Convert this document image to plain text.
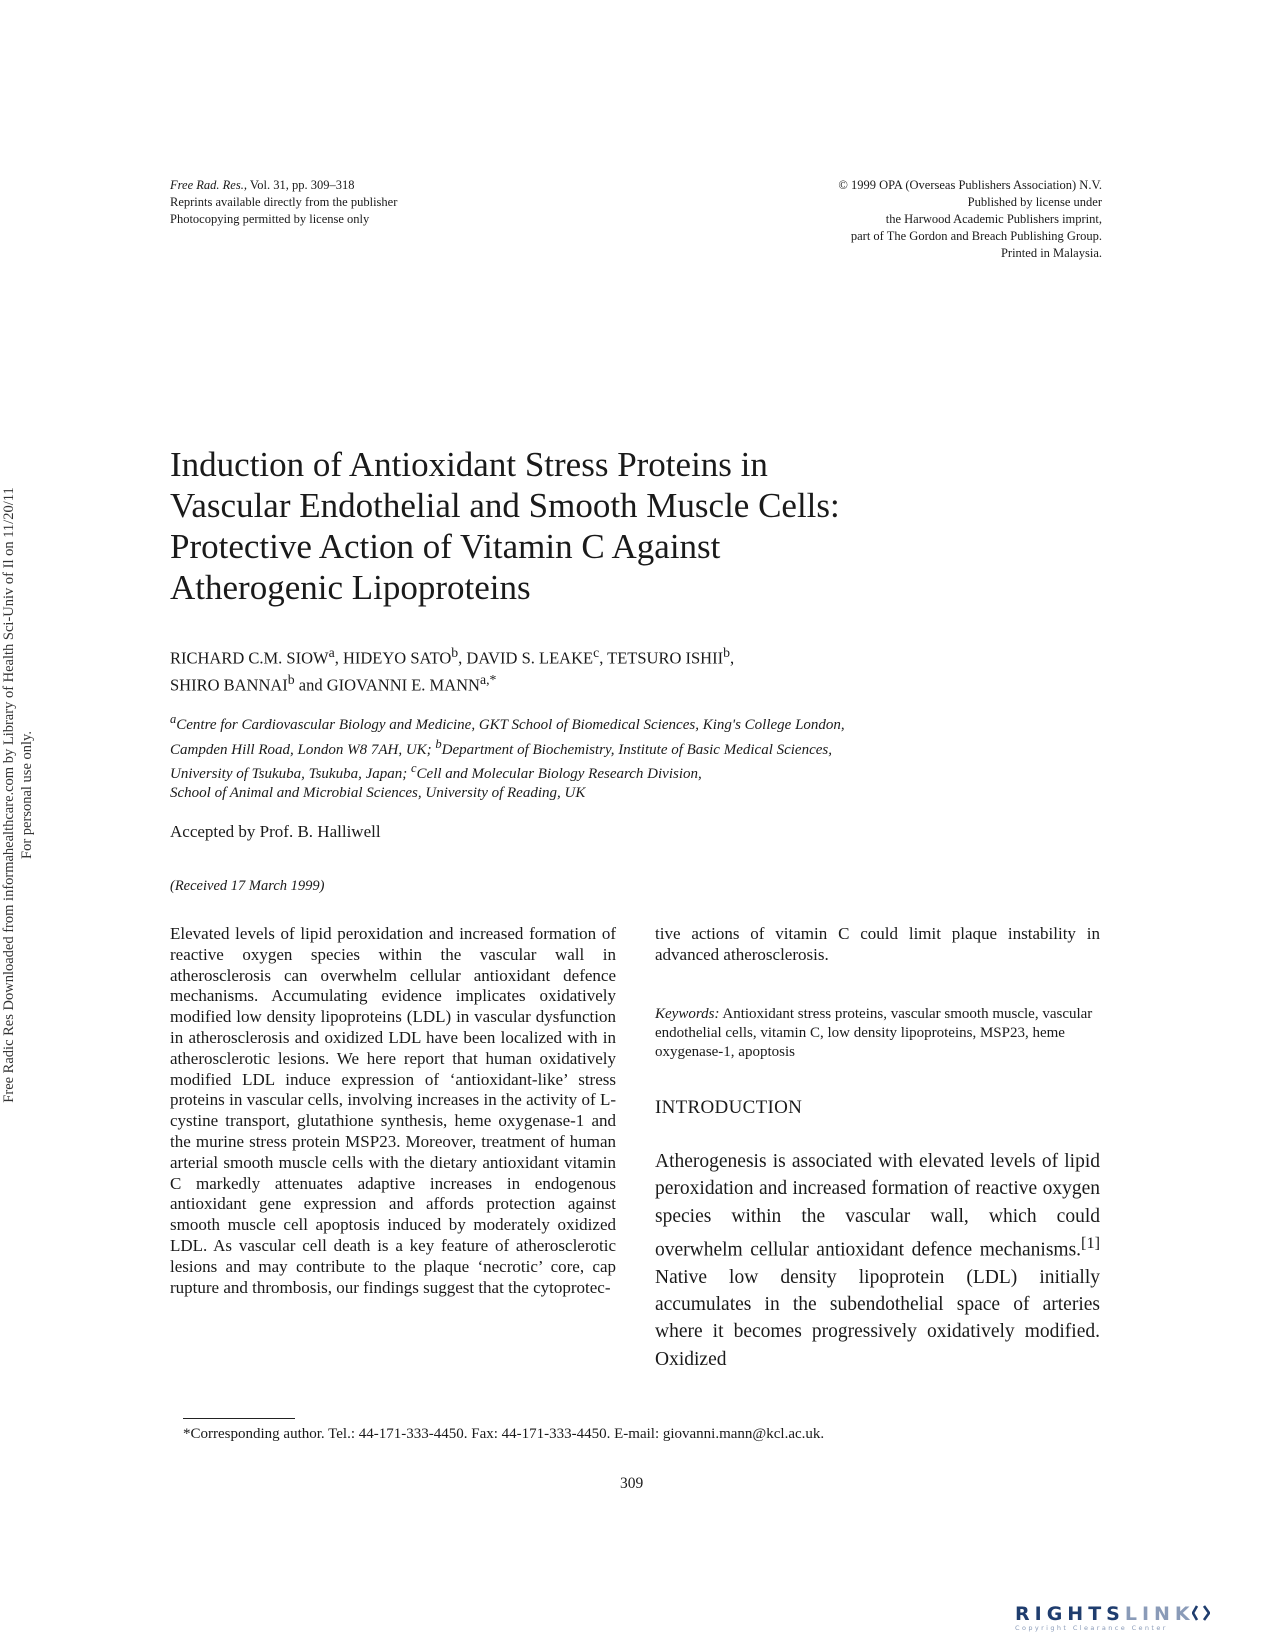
Free Radic Res Downloaded from informahealthcare.com by Library of Health Sci-Univ of Il on 11/20/11 For personal use only.
Free Rad. Res., Vol. 31, pp. 309–318
Reprints available directly from the publisher
Photocopying permitted by license only
© 1999 OPA (Overseas Publishers Association) N.V.
Published by license under
the Harwood Academic Publishers imprint,
part of The Gordon and Breach Publishing Group.
Printed in Malaysia.
Induction of Antioxidant Stress Proteins in
Vascular Endothelial and Smooth Muscle Cells:
Protective Action of Vitamin C Against
Atherogenic Lipoproteins
RICHARD C.M. SIOW$^a$, HIDEYO SATO$^b$, DAVID S. LEAKE$^c$, TETSURO ISHII$^b$,
SHIRO BANNAI$^b$ and GIOVANNI E. $MANN^{a,*}$
$^a$Centre for Cardiovascular Biology and Medicine, GKT School of Biomedical Sciences, King's College London,
Campden Hill Road, London W8 7AH, UK; $^b$Department of Biochemistry, Institute of Basic Medical Sciences,
University of Tsukuba, Tsukuba, Japan; $^c$Cell and Molecular Biology Research Division,
School of Animal and Microbial Sciences, University of Reading, UK
Accepted by Prof. B. Halliwell
(Received 17 March 1999)

Elevated levels of lipid peroxidation and increased formation of reactive oxygen species within the vascular wall in atherosclerosis can overwhelm cellular antioxidant defence mechanisms. Accumulating evidence implicates oxidatively modified low density lipoproteins (LDL) in vascular dysfunction in atherosclerosis and oxidized LDL have been localized with in atherosclerotic lesions. We here report that human oxidatively modified LDL induce expression of ‘antioxidant-like’ stress proteins in vascular cells, involving increases in the activity of L-cystine transport, glutathione synthesis, heme oxygenase-1 and the murine stress protein MSP23. Moreover, treatment of human arterial smooth muscle cells with the dietary antioxidant vitamin C markedly attenuates adaptive increases in endogenous antioxidant gene expression and affords protection against smooth muscle cell apoptosis induced by moderately oxidized LDL. As vascular cell death is a key feature of atherosclerotic lesions and may contribute to the plaque ‘necrotic’ core, cap rupture and thrombosis, our findings suggest that the cytoprotec-

tive actions of vitamin C could limit plaque instability in advanced atherosclerosis.

Keywords: Antioxidant stress proteins, vascular smooth muscle, vascular endothelial cells, vitamin C, low density lipoproteins, MSP23, heme oxygenase-1, apoptosis

INTRODUCTION

Atherogenesis is associated with elevated levels of lipid peroxidation and increased formation of reactive oxygen species within the vascular wall, which could overwhelm cellular antioxidant defence mechanisms.[1] Native low density lipoprotein (LDL) initially accumulates in the subendothelial space of arteries where it becomes progressively oxidatively modified. Oxidized

*Corresponding author. Tel.: 44-171-333-4450. Fax: 44-171-333-4450. E-mail: giovanni.mann@kcl.ac.uk.
309
RIGHTSLINK
Copyright Clearance Center
